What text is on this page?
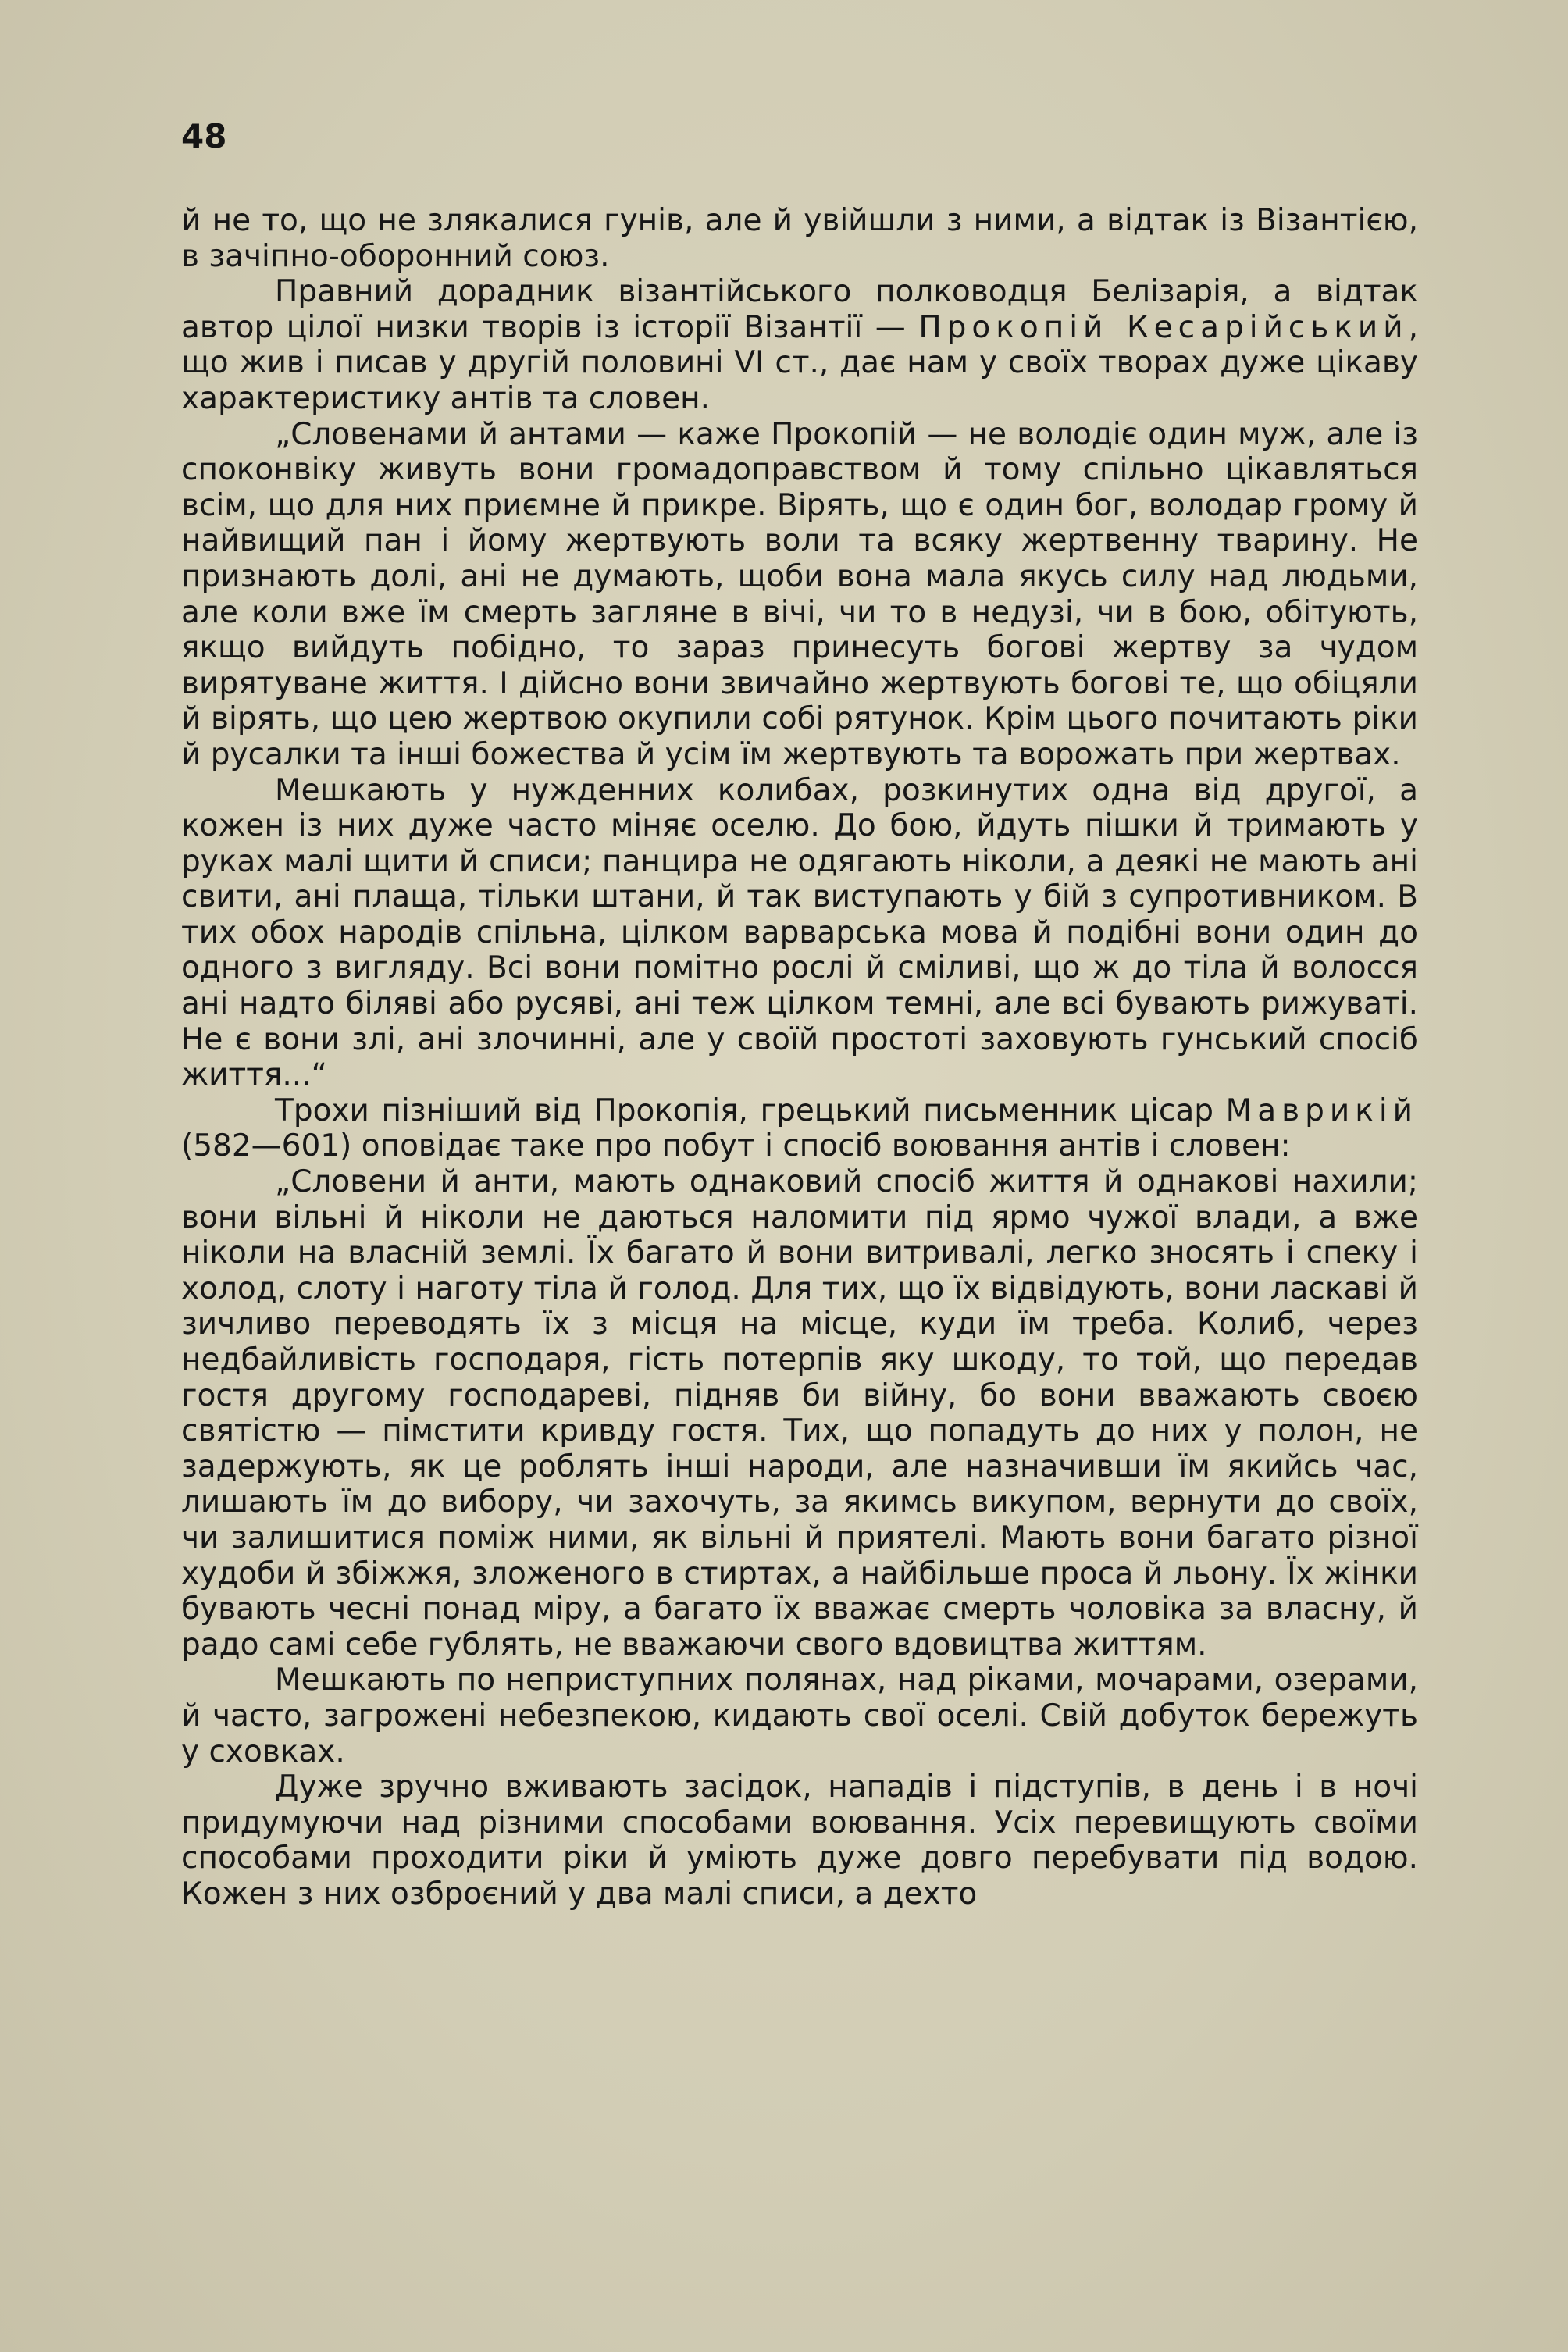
48

й не то, що не злякалися гунів, але й увійшли з ними, а відтак із Візантією, в зачіпно-оборонний союз.

Правний дорадник візантійського полководця Белізарія, а відтак автор цілої низки творів із історії Візантії — Прокопій Кесарійський, що жив і писав у другій половині VI ст., дає нам у своїх творах дуже цікаву характеристику антів та словен.

„Словенами й антами — каже Прокопій — не володіє один муж, але із споконвіку живуть вони громадоправством й тому спільно цікавляться всім, що для них приємне й прикре. Вірять, що є один бог, володар грому й найвищий пан і йому жертвують воли та всяку жертвенну тварину. Не признають долі, ані не думають, щоби вона мала якусь силу над людьми, але коли вже їм смерть загляне в вічі, чи то в недузі, чи в бою, обітують, якщо вийдуть побідно, то зараз принесуть богові жертву за чудом вирятуване життя. І дійсно вони звичайно жертвують богові те, що обіцяли й вірять, що цею жертвою окупили собі рятунок. Крім цього почитають ріки й русалки та інші божества й усім їм жертвують та ворожать при жертвах.

Мешкають у нужденних колибах, розкинутих одна від другої, а кожен із них дуже часто міняє оселю. До бою, йдуть пішки й тримають у руках малі щити й списи; панцира не одягають ніколи, а деякі не мають ані свити, ані плаща, тільки штани, й так виступають у бій з супротивником. В тих обох народів спільна, цілком варварська мова й подібні вони один до одного з вигляду. Всі вони помітно рослі й сміливі, що ж до тіла й волосся ані надто біляві або русяві, ані теж цілком темні, але всі бувають рижуваті. Не є вони злі, ані злочинні, але у своїй простоті заховують гунський спосіб життя...“

Трохи пізніший від Прокопія, грецький письменник цісар Маврикій (582—601) оповідає таке про побут і спосіб воювання антів і словен:

„Словени й анти, мають однаковий спосіб життя й однакові нахили; вони вільні й ніколи не даються наломити під ярмо чужої влади, а вже ніколи на власній землі. Їх багато й вони витривалі, легко зносять і спеку і холод, слоту і наготу тіла й голод. Для тих, що їх відвідують, вони ласкаві й зичливо переводять їх з місця на місце, куди їм треба. Колиб, через недбайливість господаря, гість потерпів яку шкоду, то той, що передав гостя другому господареві, підняв би війну, бо вони вважають своєю святістю — пімстити кривду гостя. Тих, що попадуть до них у полон, не задержують, як це роблять інші народи, але назначивши їм якийсь час, лишають їм до вибору, чи захочуть, за якимсь викупом, вернути до своїх, чи залишитися поміж ними, як вільні й приятелі. Мають вони багато різної худоби й збіжжя, зложеного в стиртах, а найбільше проса й льону. Їх жінки бувають чесні понад міру, а багато їх вважає смерть чоловіка за власну, й радо самі себе гублять, не вважаючи свого вдовицтва життям.

Мешкають по неприступних полянах, над ріками, мочарами, озерами, й часто, загрожені небезпекою, кидають свої оселі. Свій добуток бережуть у сховках.

Дуже зручно вживають засідок, нападів і підступів, в день і в ночі придумуючи над різними способами воювання. Усіх перевищують своїми способами проходити ріки й уміють дуже довго перебувати під водою. Кожен з них озброєний у два малі списи, а дехто
